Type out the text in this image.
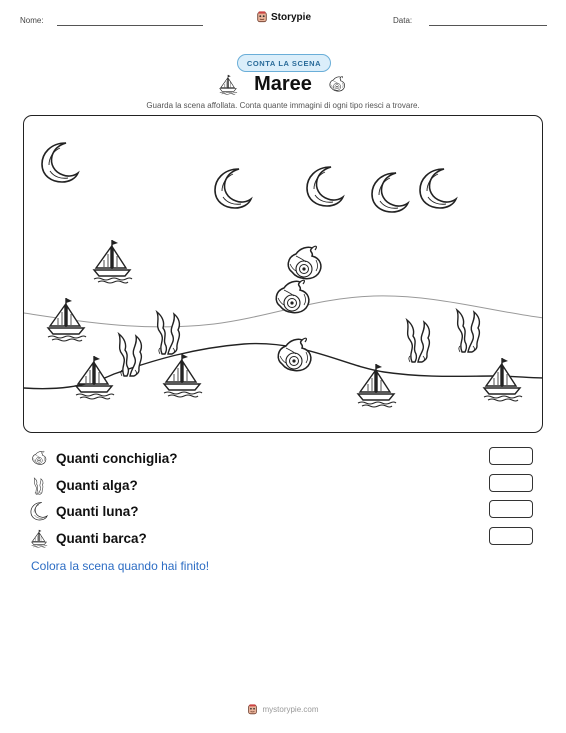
Nome:	Storypie	Data:
CONTA LA SCENA
Maree
Guarda la scena affollata. Conta quante immagini di ogni tipo riesci a trovare.
Quanti conchiglia?
Quanti alga?
Quanti luna?
Quanti barca?
Colora la scena quando hai finito!
mystorypie.com
